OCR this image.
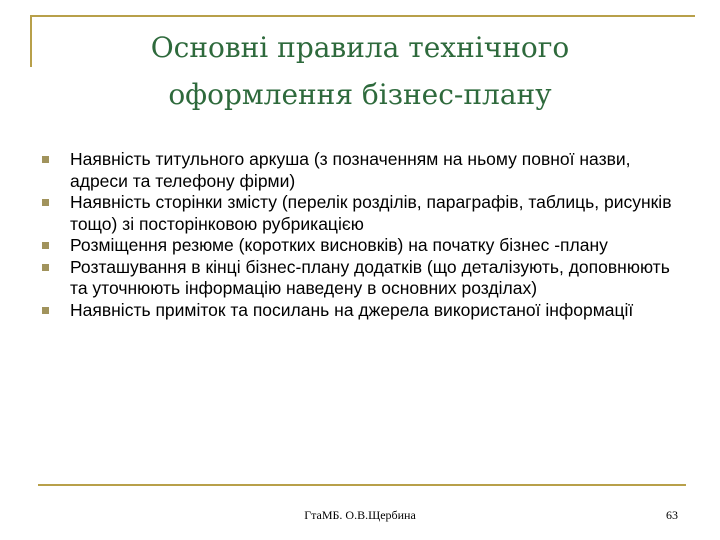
Основні правила технічного
оформлення бізнес-плану
Наявність титульного аркуша (з позначенням на ньому повної назви, адреси та телефону фірми)
Наявність сторінки змісту (перелік розділів, параграфів, таблиць, рисунків тощо) зі посторінковою рубрикацією
Розміщення резюме (коротких висновків) на початку бізнес -плану
Розташування в кінці бізнес-плану додатків (що деталізують, доповнюють та уточнюють інформацію наведену в основних розділах)
Наявність приміток та посилань на джерела використаної інформації
ГтаМБ. О.В.Щербина	63
